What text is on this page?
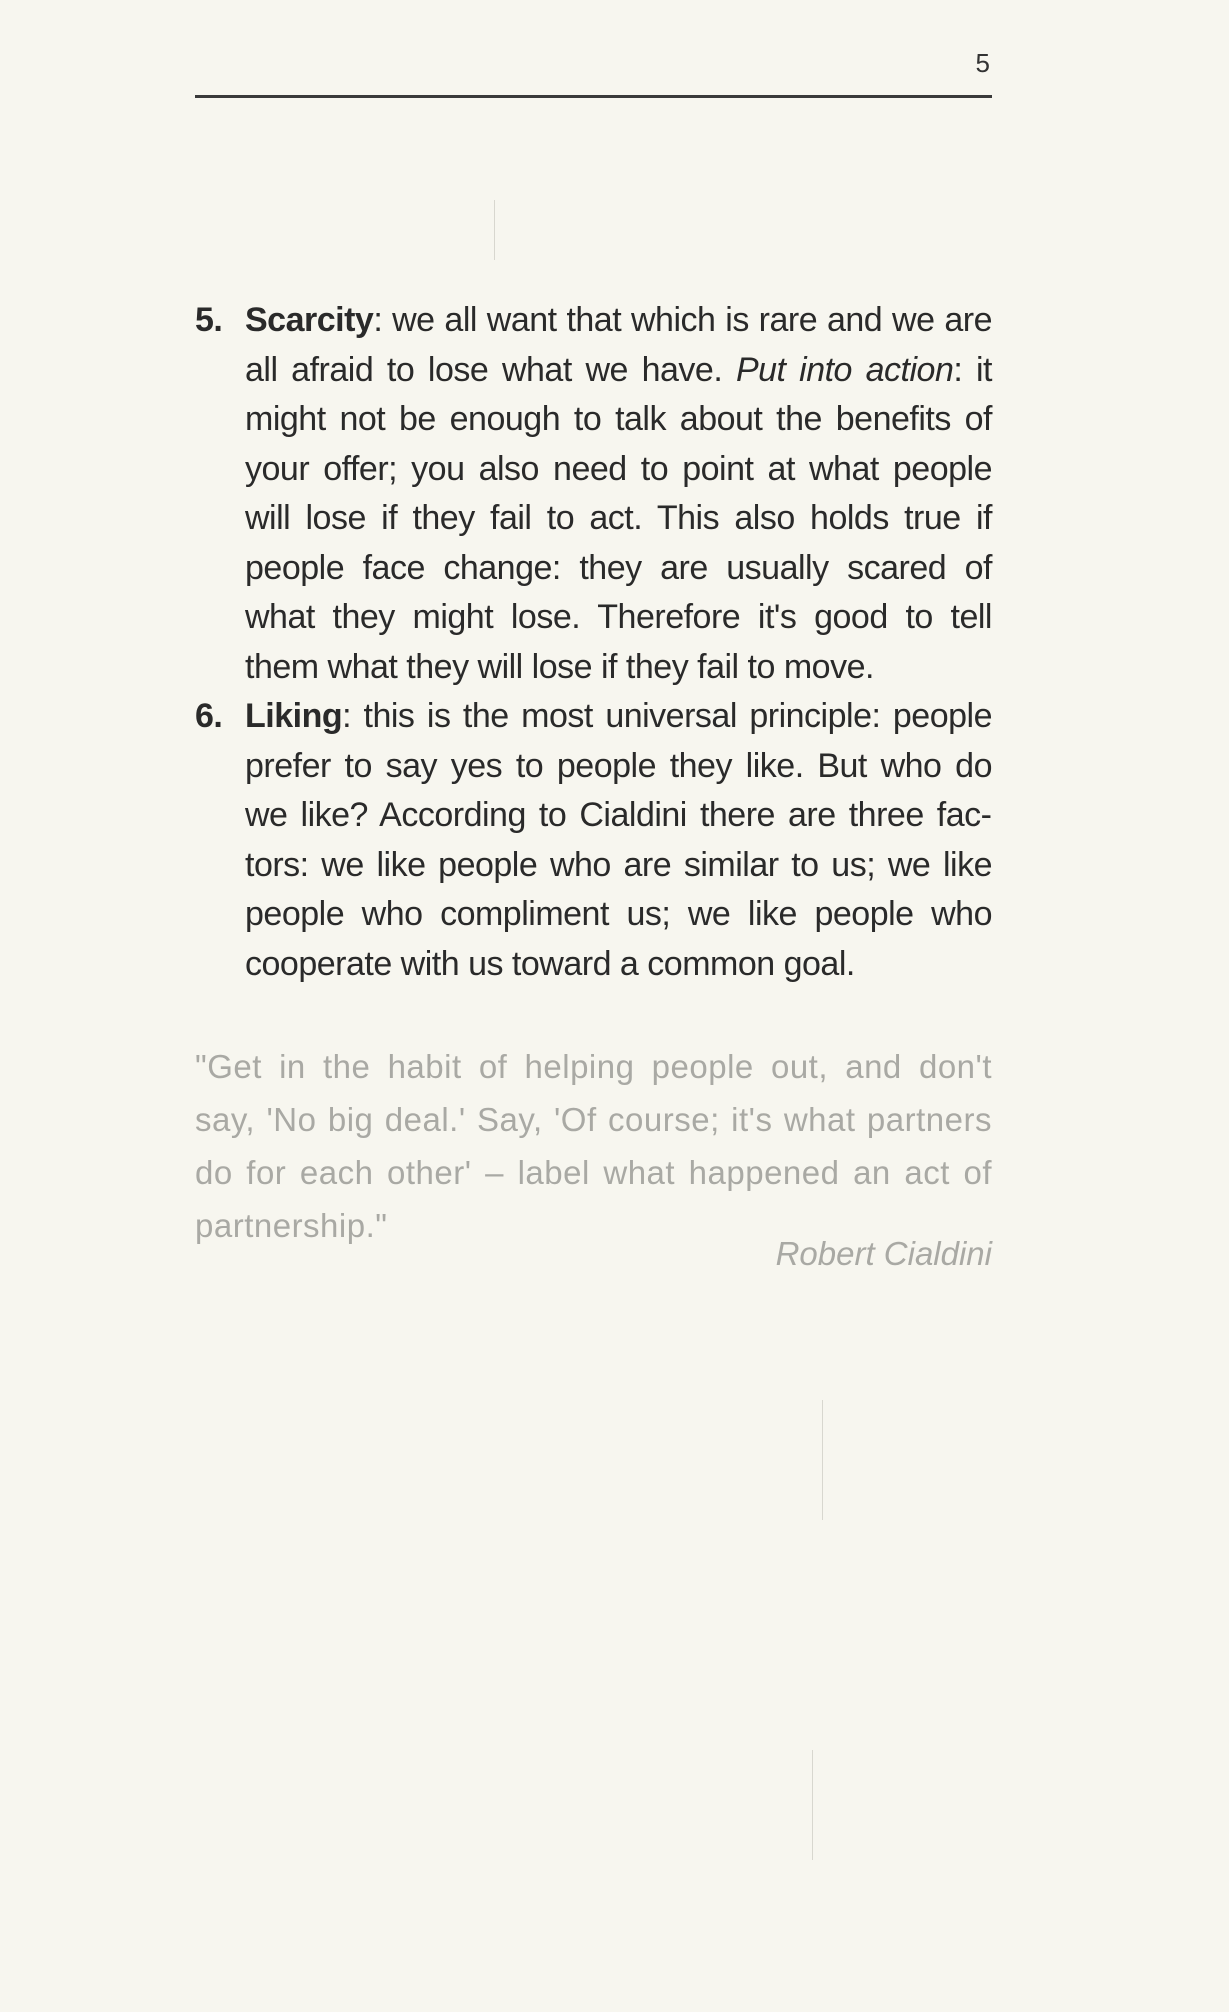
5
5. Scarcity: we all want that which is rare and we are all afraid to lose what we have. Put into action: it might not be enough to talk about the benefits of your offer; you also need to point at what people will lose if they fail to act. This also holds true if people face change: they are usually scared of what they might lose. Therefore it's good to tell them what they will lose if they fail to move.
6. Liking: this is the most universal principle: people prefer to say yes to people they like. But who do we like? According to Cialdini there are three factors: we like people who are similar to us; we like people who compliment us; we like people who cooperate with us toward a common goal.

"Get in the habit of helping people out, and don't say, 'No big deal.' Say, 'Of course; it's what partners do for each other' – label what happened an act of partnership."

Robert Cialdini
